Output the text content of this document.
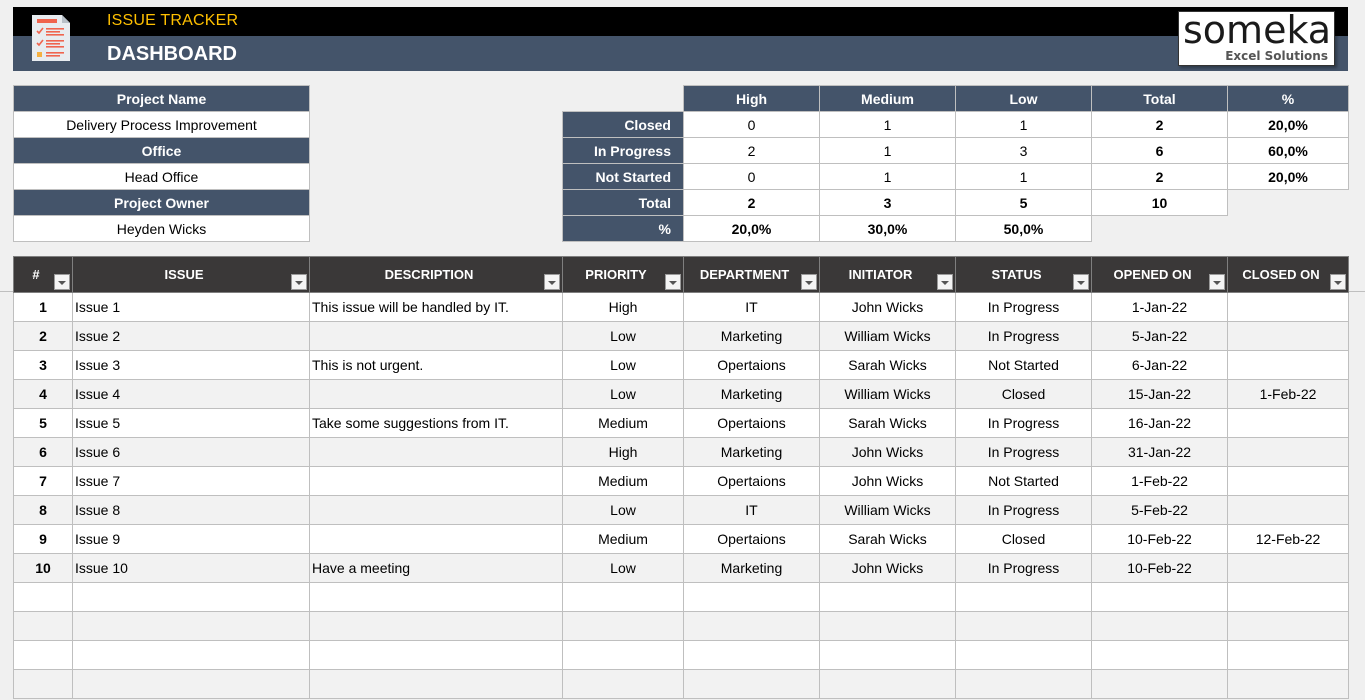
ISSUE TRACKER
DASHBOARD
someka
Excel Solutions
Project Name
Delivery Process Improvement
Office
Head Office
Project Owner
Heyden Wicks
	High	Medium	Low	Total	%
Closed	0	1	1	2	20,0%
In Progress	2	1	3	6	60,0%
Not Started	0	1	1	2	20,0%
Total	2	3	5	10	
%	20,0%	30,0%	50,0%		
#	ISSUE	DESCRIPTION	PRIORITY	DEPARTMENT	INITIATOR	STATUS	OPENED ON	CLOSED ON

1	Issue 1	This issue will be handled by IT.	High	IT	John Wicks	In Progress	1-Jan-22	
2	Issue 2		Low	Marketing	William Wicks	In Progress	5-Jan-22	
3	Issue 3	This is not urgent.	Low	Opertaions	Sarah Wicks	Not Started	6-Jan-22	
4	Issue 4		Low	Marketing	William Wicks	Closed	15-Jan-22	1-Feb-22
5	Issue 5	Take some suggestions from IT.	Medium	Opertaions	Sarah Wicks	In Progress	16-Jan-22	
6	Issue 6		High	Marketing	John Wicks	In Progress	31-Jan-22	
7	Issue 7		Medium	Opertaions	John Wicks	Not Started	1-Feb-22	
8	Issue 8		Low	IT	William Wicks	In Progress	5-Feb-22	
9	Issue 9		Medium	Opertaions	Sarah Wicks	Closed	10-Feb-22	12-Feb-22
10	Issue 10	Have a meeting	Low	Marketing	John Wicks	In Progress	10-Feb-22	
